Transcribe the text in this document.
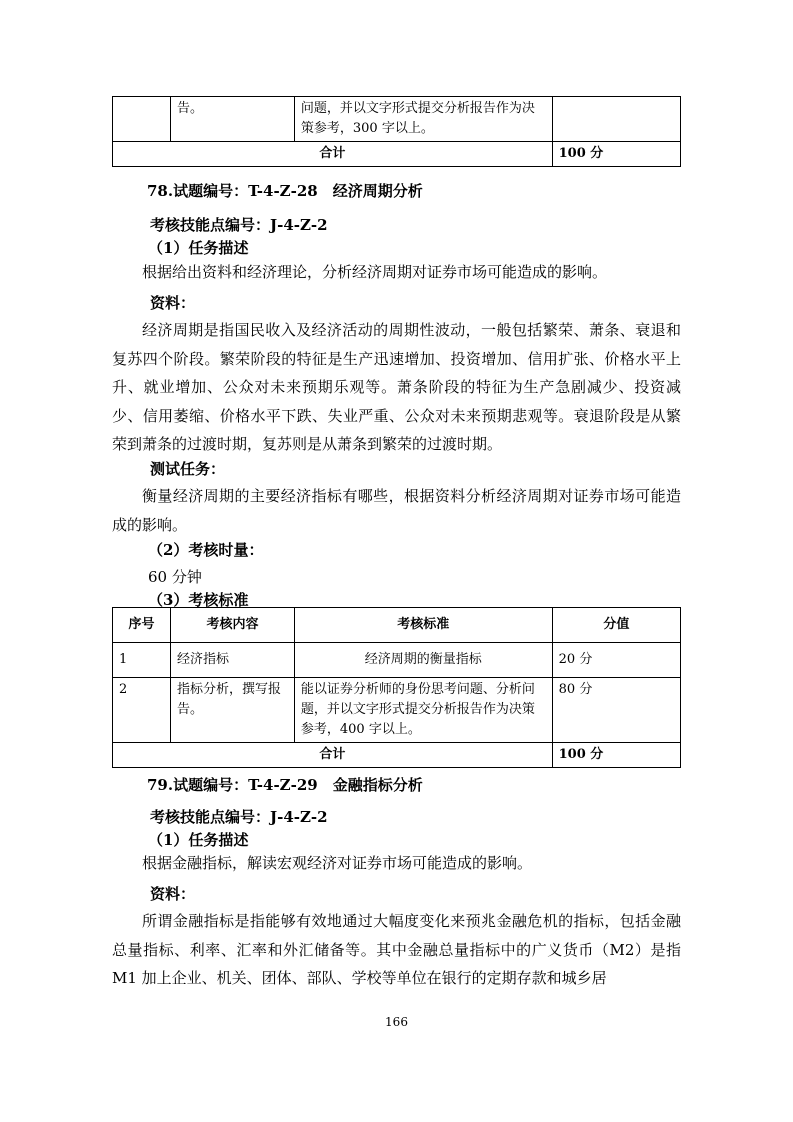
	告。	问题，并以文字形式提交分析报告作为决策参考，300 字以上。	
合计			100 分
78.试题编号：T-4-Z-28　经济周期分析
考核技能点编号：J-4-Z-2
（1）任务描述
根据给出资料和经济理论，分析经济周期对证券市场可能造成的影响。
资料：
经济周期是指国民收入及经济活动的周期性波动，一般包括繁荣、萧条、衰退和复苏四个阶段。繁荣阶段的特征是生产迅速增加、投资增加、信用扩张、价格水平上升、就业增加、公众对未来预期乐观等。萧条阶段的特征为生产急剧减少、投资减少、信用萎缩、价格水平下跌、失业严重、公众对未来预期悲观等。衰退阶段是从繁荣到萧条的过渡时期，复苏则是从萧条到繁荣的过渡时期。
测试任务：
衡量经济周期的主要经济指标有哪些，根据资料分析经济周期对证券市场可能造成的影响。
（2）考核时量：
60 分钟
（3）考核标准
序号	考核内容	考核标准	分值
1	经济指标	经济周期的衡量指标	20 分
2	指标分析，撰写报告。	能以证券分析师的身份思考问题、分析问题，并以文字形式提交分析报告作为决策参考，400 字以上。	80 分
合计			100 分
79.试题编号：T-4-Z-29　金融指标分析
考核技能点编号：J-4-Z-2
（1）任务描述
根据金融指标，解读宏观经济对证券市场可能造成的影响。
资料：
所谓金融指标是指能够有效地通过大幅度变化来预兆金融危机的指标，包括金融总量指标、利率、汇率和外汇储备等。其中金融总量指标中的广义货币（M2）是指 M1 加上企业、机关、团体、部队、学校等单位在银行的定期存款和城乡居
166
